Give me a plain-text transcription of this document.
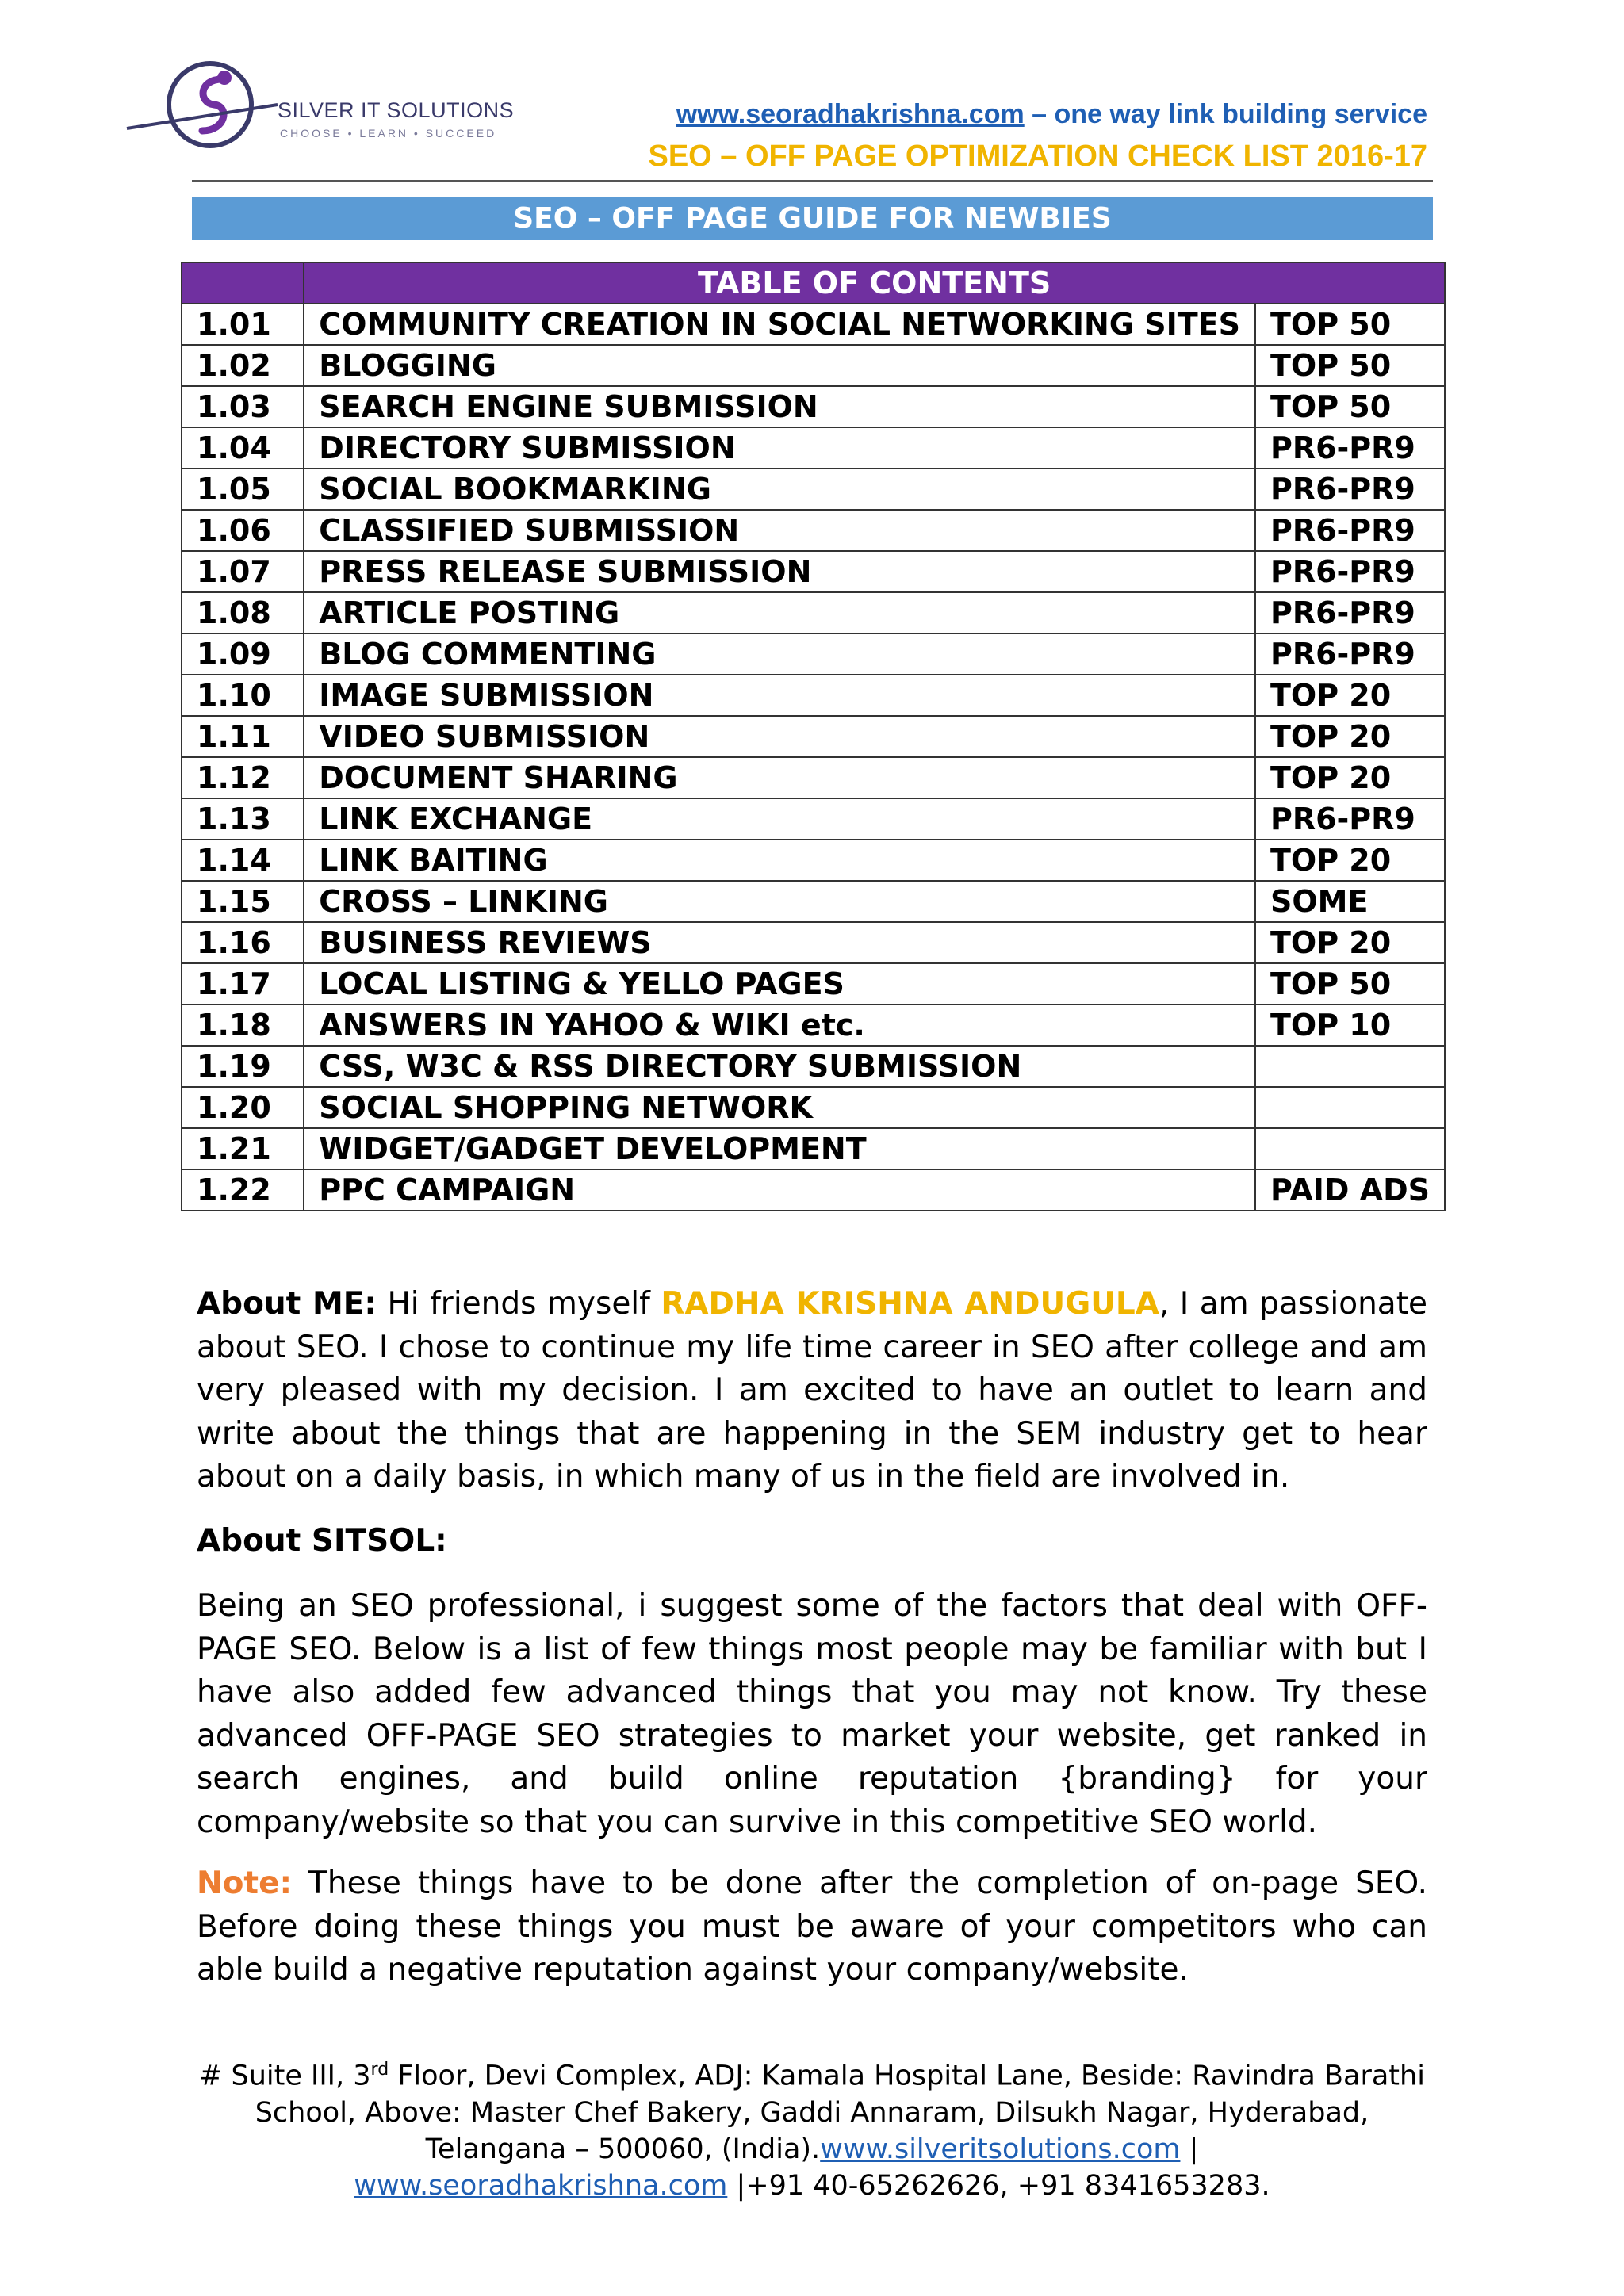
SILVER IT SOLUTIONS
CHOOSE • LEARN • SUCCEED
www.seoradhakrishna.com – one way link building service
SEO – OFF PAGE OPTIMIZATION CHECK LIST 2016-17
SEO – OFF PAGE GUIDE FOR NEWBIES
	TABLE OF CONTENTS	
1.01	COMMUNITY CREATION IN SOCIAL NETWORKING SITES	TOP 50
1.02	BLOGGING	TOP 50
1.03	SEARCH ENGINE SUBMISSION	TOP 50
1.04	DIRECTORY SUBMISSION	PR6-PR9
1.05	SOCIAL BOOKMARKING	PR6-PR9
1.06	CLASSIFIED SUBMISSION	PR6-PR9
1.07	PRESS RELEASE SUBMISSION	PR6-PR9
1.08	ARTICLE POSTING	PR6-PR9
1.09	BLOG COMMENTING	PR6-PR9
1.10	IMAGE SUBMISSION	TOP 20
1.11	VIDEO SUBMISSION	TOP 20
1.12	DOCUMENT SHARING	TOP 20
1.13	LINK EXCHANGE	PR6-PR9
1.14	LINK BAITING	TOP 20
1.15	CROSS – LINKING	SOME
1.16	BUSINESS REVIEWS	TOP 20
1.17	LOCAL LISTING & YELLO PAGES	TOP 50
1.18	ANSWERS IN YAHOO & WIKI etc.	TOP 10
1.19	CSS, W3C & RSS DIRECTORY SUBMISSION	
1.20	SOCIAL SHOPPING NETWORK	
1.21	WIDGET/GADGET DEVELOPMENT	
1.22	PPC CAMPAIGN	PAID ADS
About ME: Hi friends myself RADHA KRISHNA ANDUGULA, I am passionate about SEO. I chose to continue my life time career in SEO after college and am very pleased with my decision. I am excited to have an outlet to learn and write about the things that are happening in the SEM industry get to hear about on a daily basis, in which many of us in the field are involved in.
About SITSOL:
Being an SEO professional, i suggest some of the factors that deal with OFF-PAGE SEO. Below is a list of few things most people may be familiar with but I have also added few advanced things that you may not know. Try these advanced OFF-PAGE SEO strategies to market your website, get ranked in search engines, and build online reputation {branding} for your company/website so that you can survive in this competitive SEO world.
Note: These things have to be done after the completion of on-page SEO. Before doing these things you must be aware of your competitors who can able build a negative reputation against your company/website.
# Suite III, 3rd Floor, Devi Complex, ADJ: Kamala Hospital Lane, Beside: Ravindra Barathi School, Above: Master Chef Bakery, Gaddi Annaram, Dilsukh Nagar, Hyderabad, Telangana – 500060, (India).www.silveritsolutions.com |
www.seoradhakrishna.com |+91 40-65262626, +91 8341653283.
